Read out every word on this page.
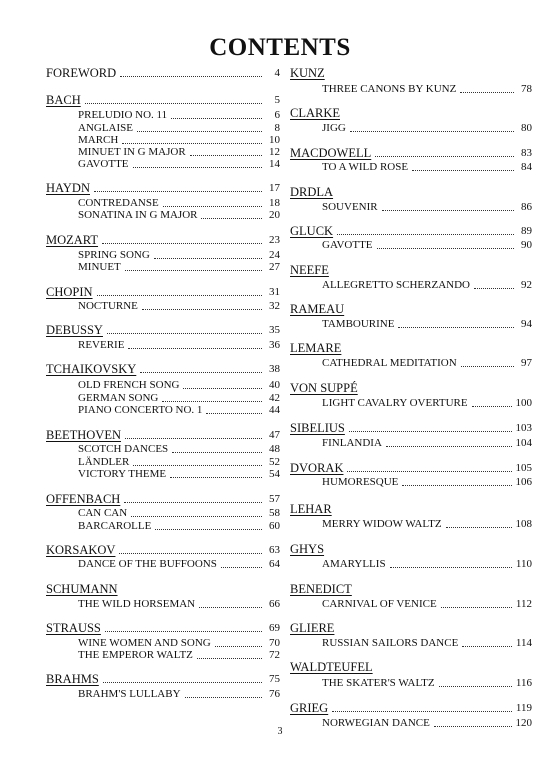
CONTENTS
FOREWORD	4
BACH	5
PRELUDIO NO. 11	6
ANGLAISE	8
MARCH	10
MINUET IN G MAJOR	12
GAVOTTE	14
HAYDN	17
CONTREDANSE	18
SONATINA IN G MAJOR	20
MOZART	23
SPRING SONG	24
MINUET	27
CHOPIN	31
NOCTURNE	32
DEBUSSY	35
REVERIE	36
TCHAIKOVSKY	38
OLD FRENCH SONG	40
GERMAN SONG	42
PIANO CONCERTO NO. 1	44
BEETHOVEN	47
SCOTCH DANCES	48
LÄNDLER	52
VICTORY THEME	54
OFFENBACH	57
CAN CAN	58
BARCAROLLE	60
KORSAKOV	63
DANCE OF THE BUFFOONS	64
SCHUMANN
THE WILD HORSEMAN	66
STRAUSS	69
WINE WOMEN AND SONG	70
THE EMPEROR WALTZ	72
BRAHMS	75
BRAHM'S LULLABY	76
KUNZ
THREE CANONS BY KUNZ	78
CLARKE
JIGG	80
MACDOWELL	83
TO A WILD ROSE	84
DRDLA
SOUVENIR	86
GLUCK	89
GAVOTTE	90
NEEFE
ALLEGRETTO SCHERZANDO	92
RAMEAU
TAMBOURINE	94
LEMARE
CATHEDRAL MEDITATION	97
VON SUPPÉ
LIGHT CAVALRY OVERTURE	100
SIBELIUS	103
FINLANDIA	104
DVORAK	105
HUMORESQUE	106
LEHAR
MERRY WIDOW WALTZ	108
GHYS
AMARYLLIS	110
BENEDICT
CARNIVAL OF VENICE	112
GLIERE
RUSSIAN SAILORS DANCE	114
WALDTEUFEL
THE SKATER'S WALTZ	116
GRIEG	119
NORWEGIAN DANCE	120
3
